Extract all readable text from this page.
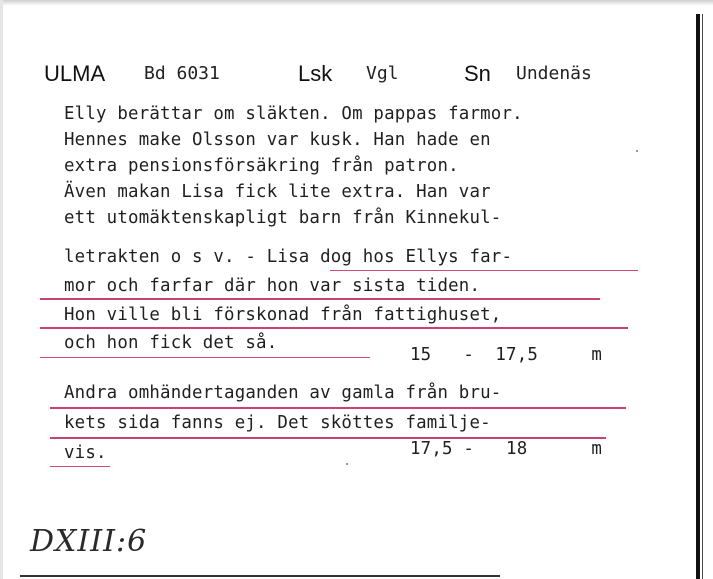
ULMA Bd 6031	Lsk Vgl	Sn Undenäs
Elly berättar om släkten. Om pappas farmor.
Hennes make Olsson var kusk. Han hade en
extra pensionsförsäkring från patron.
Även makan Lisa fick lite extra. Han var
ett utomäktenskapligt barn från Kinnekul-
letrakten o s v. - Lisa dog hos Ellys far-
mor och farfar där hon var sista tiden.
Hon ville bli förskonad från fattighuset,
och hon fick det så.
15   -  17,5     m
Andra omhändertaganden av gamla från bru-
kets sida fanns ej. Det sköttes familje-
vis.	17,5 -   18      m
DXIII:6
